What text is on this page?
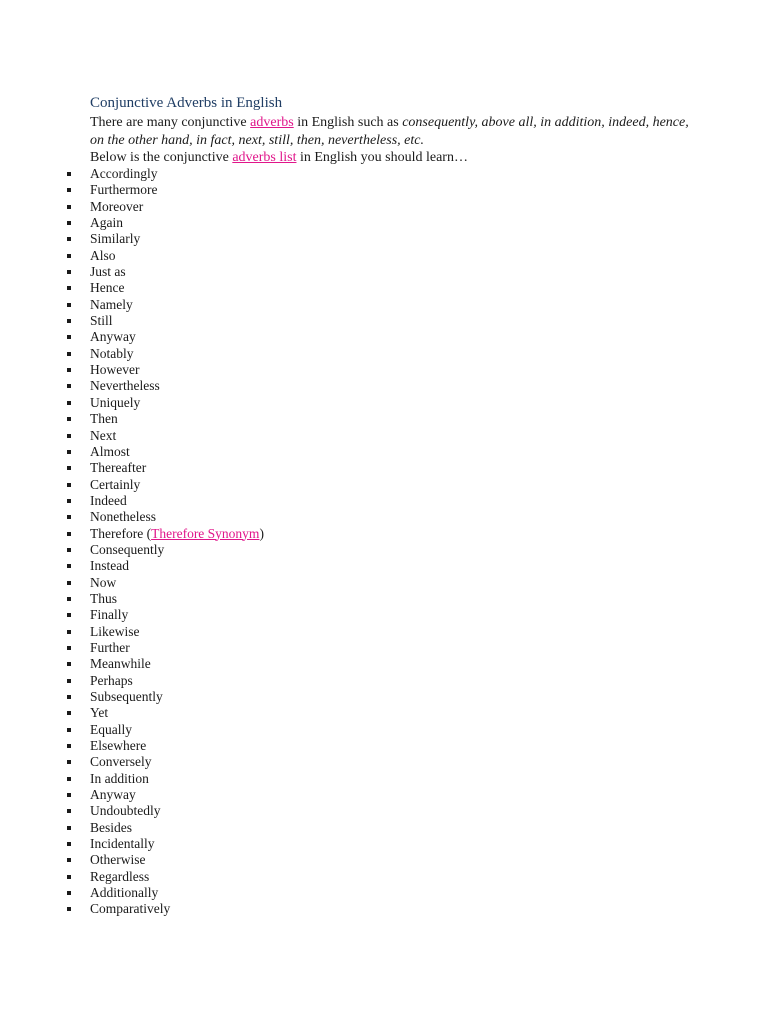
Conjunctive Adverbs in English

There are many conjunctive adverbs in English such as consequently, above all, in addition, indeed, hence, on the other hand, in fact, next, still, then, nevertheless, etc.

Below is the conjunctive adverbs list in English you should learn…

Accordingly
Furthermore
Moreover
Again
Similarly
Also
Just as
Hence
Namely
Still
Anyway
Notably
However
Nevertheless
Uniquely
Then
Next
Almost
Thereafter
Certainly
Indeed
Nonetheless
Therefore (Therefore Synonym)
Consequently
Instead
Now
Thus
Finally
Likewise
Further
Meanwhile
Perhaps
Subsequently
Yet
Equally
Elsewhere
Conversely
In addition
Anyway
Undoubtedly
Besides
Incidentally
Otherwise
Regardless
Additionally
Comparatively
